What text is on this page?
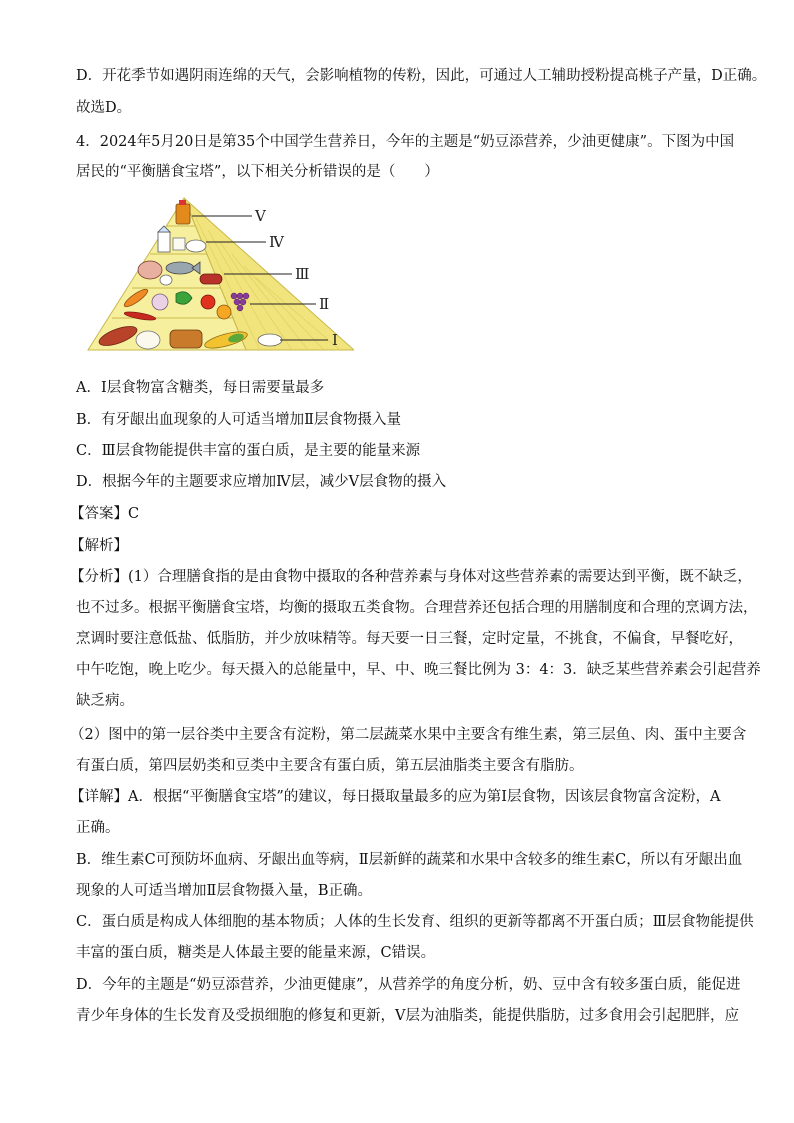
D．开花季节如遇阴雨连绵的天气，会影响植物的传粉，因此，可通过人工辅助授粉提高桃子产量，D正确。
故选D。
4．2024年5月20日是第35个中国学生营养日，今年的主题是“奶豆添营养，少油更健康”。下图为中国
居民的“平衡膳食宝塔”，以下相关分析错误的是（　　）
Ⅴ
Ⅳ
Ⅲ
Ⅱ
Ⅰ
A．Ⅰ层食物富含糖类，每日需要量最多
B．有牙龈出血现象的人可适当增加Ⅱ层食物摄入量
C．Ⅲ层食物能提供丰富的蛋白质，是主要的能量来源
D．根据今年的主题要求应增加Ⅳ层，减少Ⅴ层食物的摄入
【答案】C
【解析】
【分析】(1）合理膳食指的是由食物中摄取的各种营养素与身体对这些营养素的需要达到平衡，既不缺乏，
也不过多。根据平衡膳食宝塔，均衡的摄取五类食物。合理营养还包括合理的用膳制度和合理的烹调方法，
烹调时要注意低盐、低脂肪，并少放味精等。每天要一日三餐，定时定量，不挑食，不偏食，早餐吃好，
中午吃饱，晚上吃少。每天摄入的总能量中，早、中、晚三餐比例为 3：4：3．缺乏某些营养素会引起营养
缺乏病。
（2）图中的第一层谷类中主要含有淀粉，第二层蔬菜水果中主要含有维生素，第三层鱼、肉、蛋中主要含
有蛋白质，第四层奶类和豆类中主要含有蛋白质，第五层油脂类主要含有脂肪。
【详解】A．根据“平衡膳食宝塔”的建议，每日摄取量最多的应为第Ⅰ层食物，因该层食物富含淀粉，A
正确。
B．维生素C可预防坏血病、牙龈出血等病，Ⅱ层新鲜的蔬菜和水果中含较多的维生素C，所以有牙龈出血
现象的人可适当增加Ⅱ层食物摄入量，B正确。
C．蛋白质是构成人体细胞的基本物质；人体的生长发育、组织的更新等都离不开蛋白质；Ⅲ层食物能提供
丰富的蛋白质，糖类是人体最主要的能量来源，C错误。
D．今年的主题是“奶豆添营养，少油更健康”，从营养学的角度分析，奶、豆中含有较多蛋白质，能促进
青少年身体的生长发育及受损细胞的修复和更新，Ⅴ层为油脂类，能提供脂肪，过多食用会引起肥胖，应
